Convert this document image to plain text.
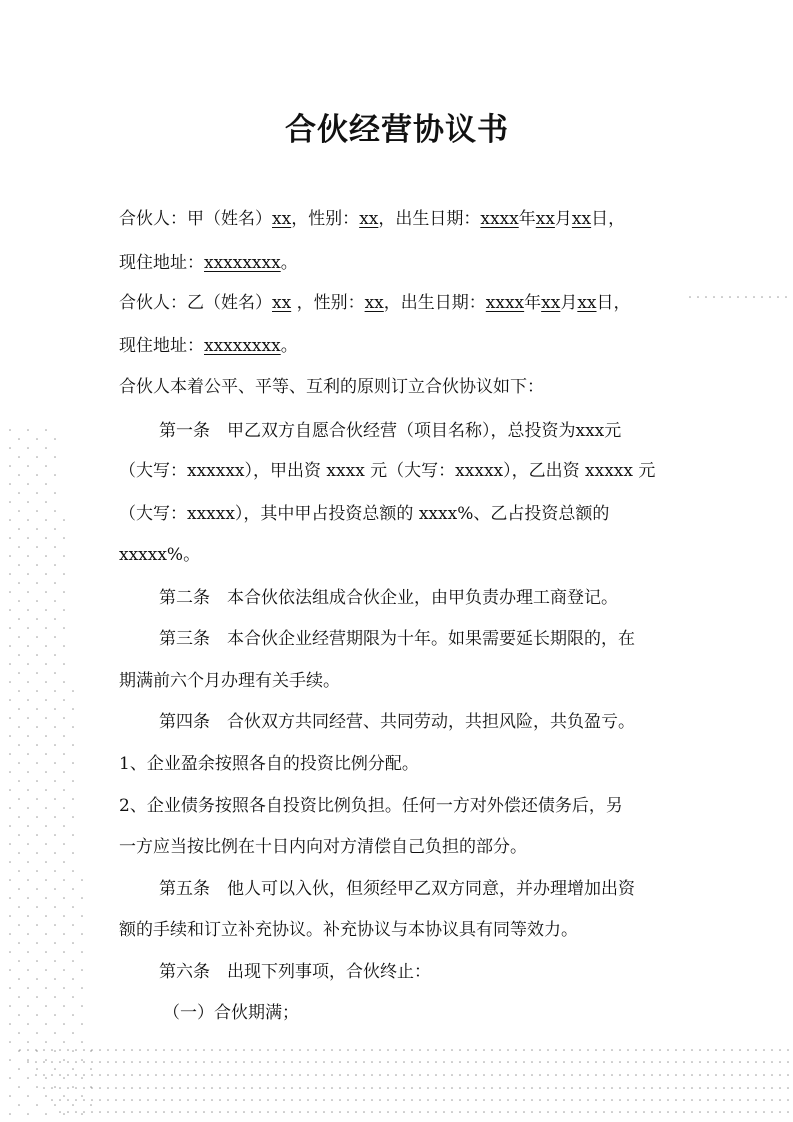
合伙经营协议书
合伙人：甲（姓名）xx，性别：xx，出生日期：xxxx年xx月xx日，
现住地址：xxxxxxxx。
合伙人：乙（姓名）xx ，性别：xx，出生日期：xxxx年xx月xx日，
现住地址：xxxxxxxx。
合伙人本着公平、平等、互利的原则订立合伙协议如下：
第一条　甲乙双方自愿合伙经营（项目名称），总投资为xxx元
（大写：xxxxxx），甲出资 xxxx 元（大写：xxxxx），乙出资 xxxxx 元
（大写：xxxxx），其中甲占投资总额的 xxxx%、乙占投资总额的
xxxxx%。
第二条　本合伙依法组成合伙企业，由甲负责办理工商登记。
第三条　本合伙企业经营期限为十年。如果需要延长期限的，在
期满前六个月办理有关手续。
第四条　合伙双方共同经营、共同劳动，共担风险，共负盈亏。
1、企业盈余按照各自的投资比例分配。
2、企业债务按照各自投资比例负担。任何一方对外偿还债务后，另
一方应当按比例在十日内向对方清偿自己负担的部分。
第五条　他人可以入伙，但须经甲乙双方同意，并办理增加出资
额的手续和订立补充协议。补充协议与本协议具有同等效力。
第六条　出现下列事项，合伙终止：
（一）合伙期满；
